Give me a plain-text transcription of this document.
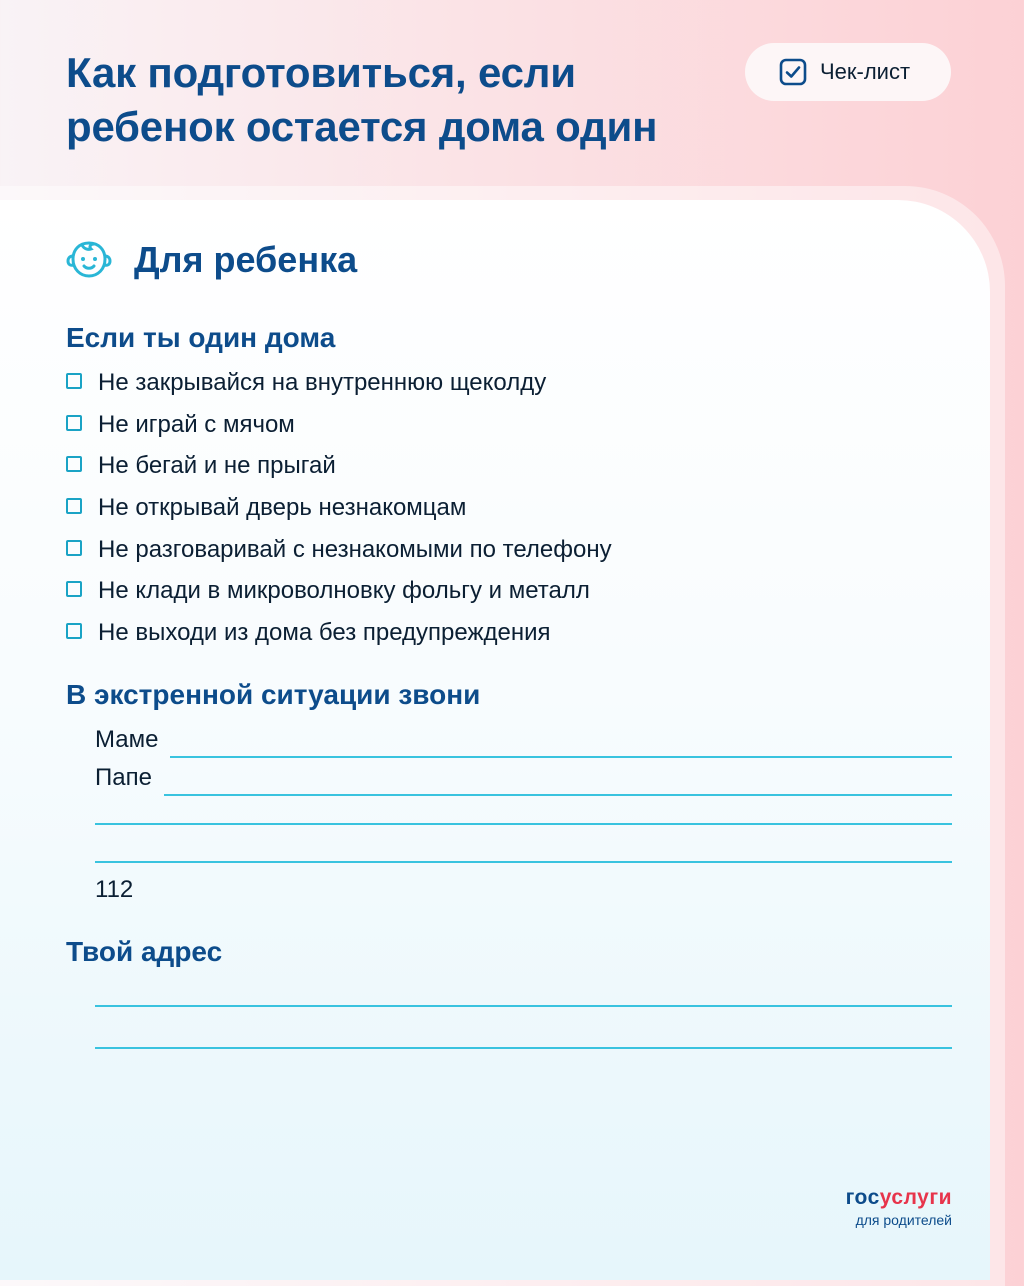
Как подготовиться, если ребенок остается дома один
Чек-лист
Для ребенка
Если ты один дома
Не закрывайся на внутреннюю щеколду
Не играй с мячом
Не бегай и не прыгай
Не открывай дверь незнакомцам
Не разговаривай с незнакомыми по телефону
Не клади в микроволновку фольгу и металл
Не выходи из дома без предупреждения
В экстренной ситуации звони
Маме
Папе

112

Твой адрес
госуслуги
для родителей
